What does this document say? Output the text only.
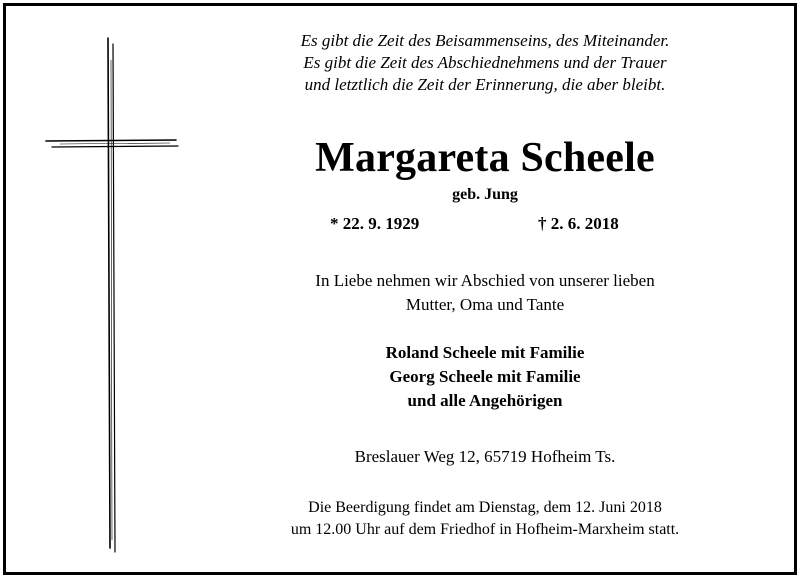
Es gibt die Zeit des Beisammenseins, des Miteinander.
Es gibt die Zeit des Abschiednehmens und der Trauer
und letztlich die Zeit der Erinnerung, die aber bleibt.
Margareta Scheele
geb. Jung
* 22. 9. 1929	† 2. 6. 2018
In Liebe nehmen wir Abschied von unserer lieben
Mutter, Oma und Tante
Roland Scheele mit Familie
Georg Scheele mit Familie
und alle Angehörigen
Breslauer Weg 12, 65719 Hofheim Ts.
Die Beerdigung findet am Dienstag, dem 12. Juni 2018
um 12.00 Uhr auf dem Friedhof in Hofheim-Marxheim statt.
